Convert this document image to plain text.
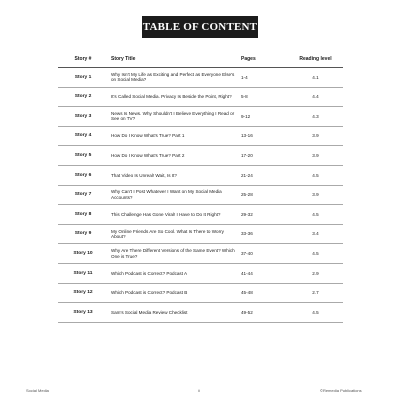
TABLE OF CONTENT
Story #	Story Title	Pages	Reading level
Story 1	Why Isn't My Life as Exciting and Perfect as Everyone Else's on Social Media?	1-4	4.1
Story 2	It's Called Social Media. Privacy Is Beside the Point, Right?	5-8	4.4
Story 3	News Is News. Why Shouldn't I Believe Everything I Read or See on TV?	9-12	4.3
Story 4	How Do I Know What's True? Part 1	13-16	3.9
Story 5	How Do I Know What's True? Part 2	17-20	3.9
Story 6	That Video Is Unreal! Wait, Is It?	21-24	4.5
Story 7	Why Can't I Post Whatever I Want on My Social Media Accounts?	25-28	3.9
Story 8	This Challenge Has Gone Viral! I Have to Do It Right?	29-32	4.5
Story 9	My Online Friends Are So Cool. What Is There to Worry About?	33-36	3.4
Story 10	Why Are There Different Versions of the Same Event? Which One is True?	37-40	4.5
Story 11	Which Podcast is Correct? Podcast A	41-44	2.9
Story 12	Which Podcast is Correct? Podcast B	45-48	2.7
Story 13	Sam's Social Media Review Checklist	49-52	4.5
Social Media	ii	©Remedia Publications
